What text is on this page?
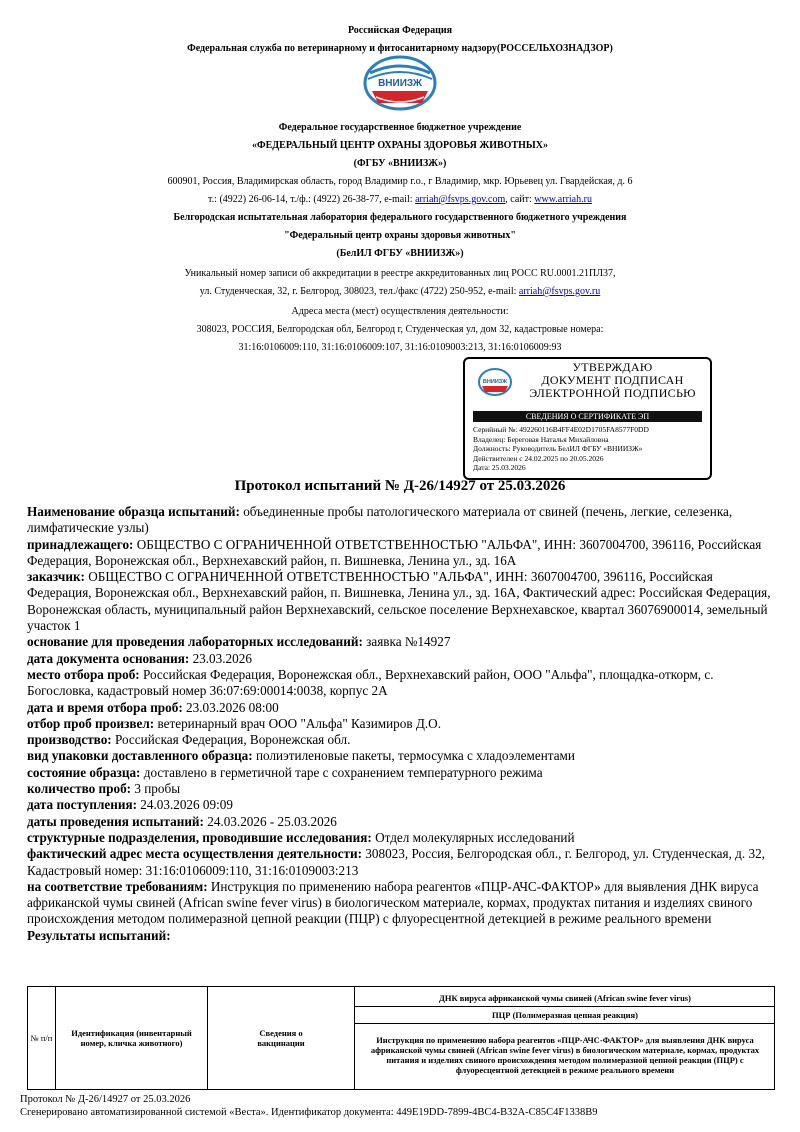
Российская Федерация
Федеральная служба по ветеринарному и фитосанитарному надзору(РОССЕЛЬХОЗНАДЗОР)
ВНИИЗЖ
Федеральное государственное бюджетное учреждение
«ФЕДЕРАЛЬНЫЙ ЦЕНТР ОХРАНЫ ЗДОРОВЬЯ ЖИВОТНЫХ»
(ФГБУ «ВНИИЗЖ»)
600901, Россия, Владимирская область, город Владимир г.о., г Владимир, мкр. Юрьевец ул. Гвардейская, д. 6
т.: (4922) 26-06-14, т./ф.: (4922) 26-38-77, e-mail: arriah@fsvps.gov.com, сайт: www.arriah.ru
Белгородская испытательная лаборатория федерального государственного бюджетного учреждения
"Федеральный центр охраны здоровья животных"
(БелИЛ ФГБУ «ВНИИЗЖ»)
Уникальный номер записи об аккредитации в реестре аккредитованных лиц РОСС RU.0001.21ПЛ37,
ул. Студенческая, 32, г. Белгород, 308023, тел./факс (4722) 250-952, e-mail: arriah@fsvps.gov.ru
Адреса места (мест) осуществления деятельности:
308023, РОССИЯ, Белгородская обл, Белгород г, Студенческая ул, дом 32, кадастровые номера:
31:16:0106009:110, 31:16:0106009:107, 31:16:0109003:213, 31:16:0106009:93
ВНИИЗЖ
УТВЕРЖДАЮ
ДОКУМЕНТ ПОДПИСАН
ЭЛЕКТРОННОЙ ПОДПИСЬЮ
СВЕДЕНИЯ О СЕРТИФИКАТЕ ЭП
Серийный №: 492260116B4FF4E02D1705FA8577F0DD
Владелец: Береговая Наталья Михайловна
Должность: Руководитель БелИЛ ФГБУ «ВНИИЗЖ»
Действителен с 24.02.2025 по 20.05.2026
Дата: 25.03.2026
Протокол испытаний № Д-26/14927 от 25.03.2026

Наименование образца испытаний: объединенные пробы патологического материала от свиней (печень, легкие, селезенка, лимфатические узлы)

принадлежащего: ОБЩЕСТВО С ОГРАНИЧЕННОЙ ОТВЕТСТВЕННОСТЬЮ "АЛЬФА", ИНН: 3607004700, 396116, Российская Федерация, Воронежская обл., Верхнехавский район, п. Вишневка, Ленина ул., зд. 16А

заказчик: ОБЩЕСТВО С ОГРАНИЧЕННОЙ ОТВЕТСТВЕННОСТЬЮ "АЛЬФА", ИНН: 3607004700, 396116, Российская Федерация, Воронежская обл., Верхнехавский район, п. Вишневка, Ленина ул., зд. 16А, Фактический адрес: Российская Федерация, Воронежская область, муниципальный район Верхнехавский, сельское поселение Верхнехавское, квартал 36076900014, земельный участок 1

основание для проведения лабораторных исследований: заявка №14927

дата документа основания: 23.03.2026

место отбора проб: Российская Федерация, Воронежская обл., Верхнехавский район, ООО "Альфа", площадка-откорм, с. Богословка, кадастровый номер 36:07:69:00014:0038, корпус 2А

дата и время отбора проб: 23.03.2026 08:00

отбор проб произвел: ветеринарный врач ООО "Альфа" Казимиров Д.О.

производство: Российская Федерация, Воронежская обл.

вид упаковки доставленного образца: полиэтиленовые пакеты, термосумка с хладоэлементами

состояние образца: доставлено в герметичной таре с сохранением температурного режима

количество проб: 3 пробы

дата поступления: 24.03.2026 09:09

даты проведения испытаний: 24.03.2026 - 25.03.2026

структурные подразделения, проводившие исследования: Отдел молекулярных исследований

фактический адрес места осуществления деятельности: 308023, Россия, Белгородская обл., г. Белгород, ул. Студенческая, д. 32, Кадастровый номер: 31:16:0106009:110, 31:16:0109003:213

на соответствие требованиям: Инструкция по применению набора реагентов «ПЦР-АЧС-ФАКТОР» для выявления ДНК вируса африканской чумы свиней (African swine fever virus) в биологическом материале, кормах, продуктах питания и изделиях свиного происхождения методом полимеразной цепной реакции (ПЦР) с флуоресцентной детекцией в режиме реального времени

Результаты испытаний:

№ п/п	Идентификация (инвентарный номер, кличка животного)
Сведения о вакцинации
ДНК вируса африканской чумы свиней (African swine fever virus)
ПЦР (Полимеразная цепная реакция)
Инструкция по применению набора реагентов «ПЦР-АЧС-ФАКТОР» для выявления ДНК вируса африканской чумы свиней (African swine fever virus) в биологическом материале, кормах, продуктах питания и изделиях свиного происхождения методом полимеразной цепной реакции (ПЦР) с флуоресцентной детекцией в режиме реального времени
Протокол № Д-26/14927 от 25.03.2026
Сгенерировано автоматизированной системой «Веста». Идентификатор документа: 449E19DD-7899-4BC4-B32A-C85C4F1338B9
